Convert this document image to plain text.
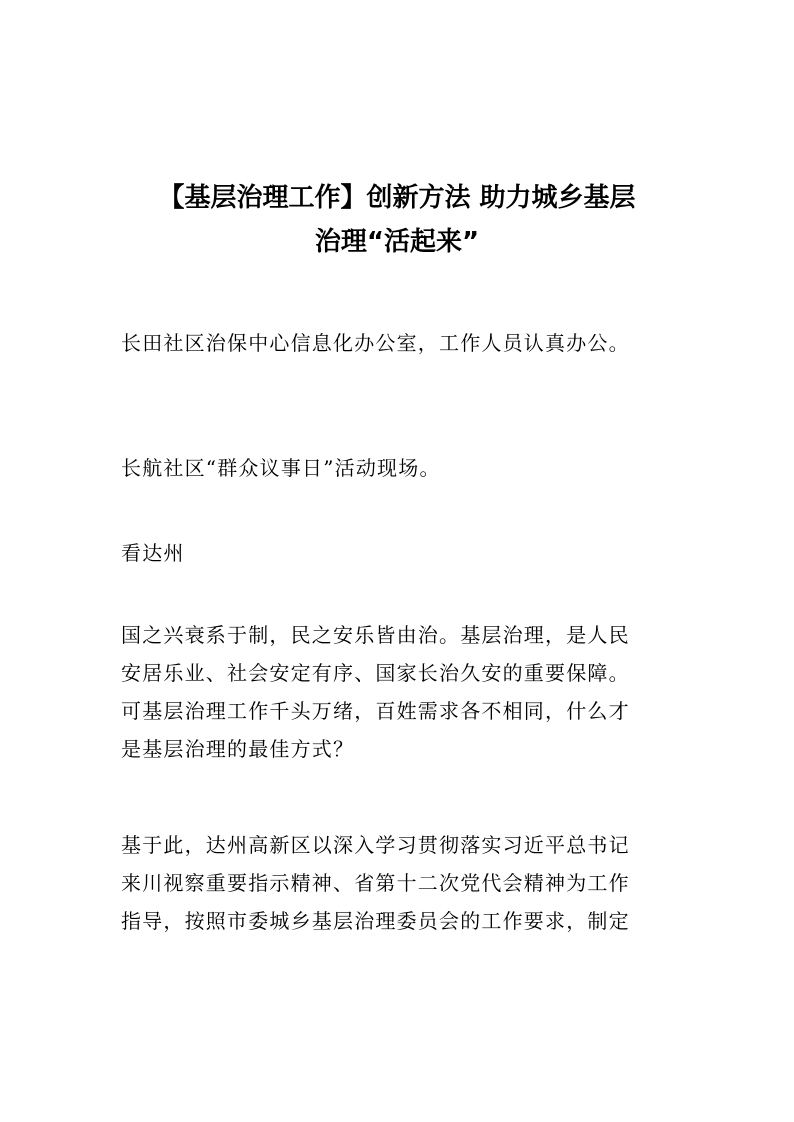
【基层治理工作】创新方法 助力城乡基层
治理“活起来”

长田社区治保中心信息化办公室，工作人员认真办公。

长航社区“群众议事日”活动现场。

看达州

国之兴衰系于制，民之安乐皆由治。基层治理，是人民
安居乐业、社会安定有序、国家长治久安的重要保障。
可基层治理工作千头万绪，百姓需求各不相同，什么才
是基层治理的最佳方式？

基于此，达州高新区以深入学习贯彻落实习近平总书记
来川视察重要指示精神、省第十二次党代会精神为工作
指导，按照市委城乡基层治理委员会的工作要求，制定
